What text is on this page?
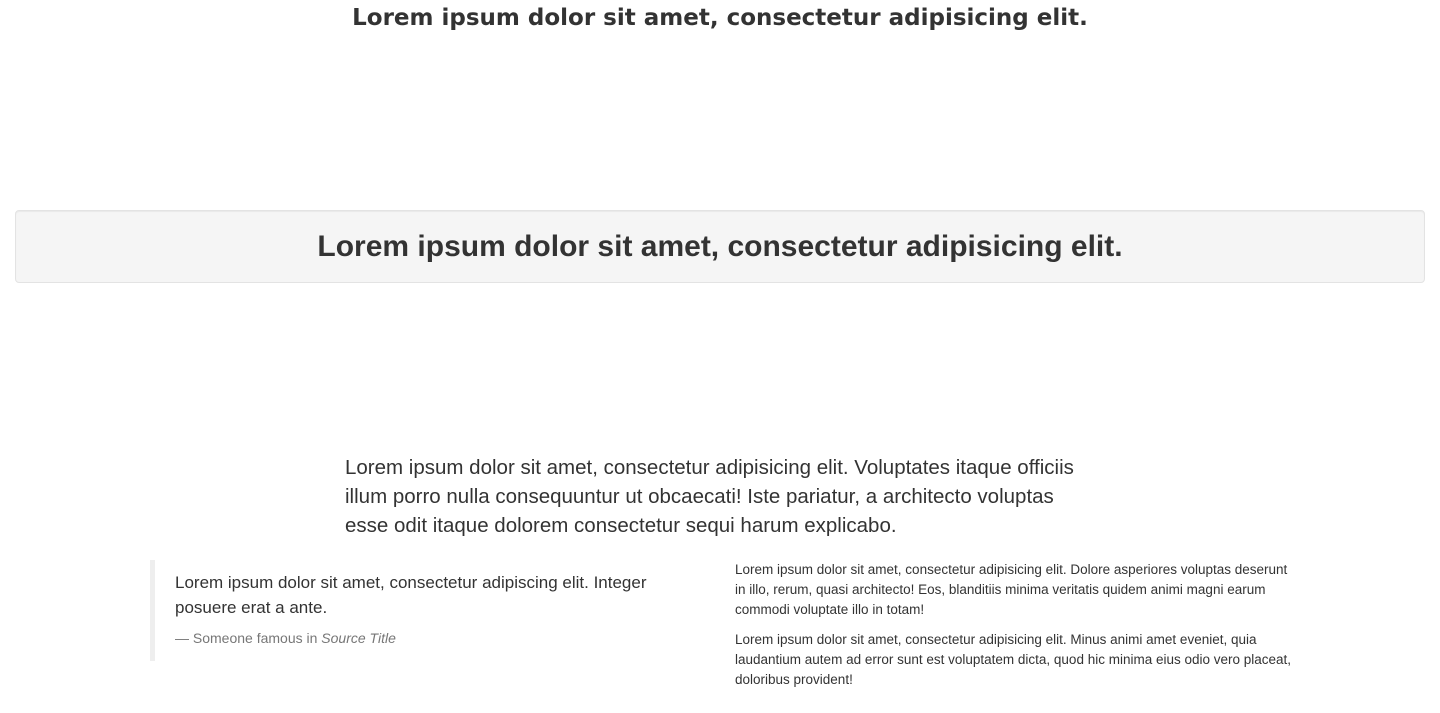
Lorem ipsum dolor sit amet, consectetur adipisicing elit.
Lorem ipsum dolor sit amet, consectetur adipisicing elit.

Lorem ipsum dolor sit amet, consectetur adipisicing elit. Voluptates itaque officiis illum porro nulla consequuntur ut obcaecati! Iste pariatur, a architecto voluptas esse odit itaque dolorem consectetur sequi harum explicabo.

Lorem ipsum dolor sit amet, consectetur adipiscing elit. Integer posuere erat a ante.

— Someone famous in Source Title

Lorem ipsum dolor sit amet, consectetur adipisicing elit. Dolore asperiores voluptas deserunt in illo, rerum, quasi architecto! Eos, blanditiis minima veritatis quidem animi magni earum commodi voluptate illo in totam!

Lorem ipsum dolor sit amet, consectetur adipisicing elit. Minus animi amet eveniet, quia laudantium autem ad error sunt est voluptatem dicta, quod hic minima eius odio vero placeat, doloribus provident!
